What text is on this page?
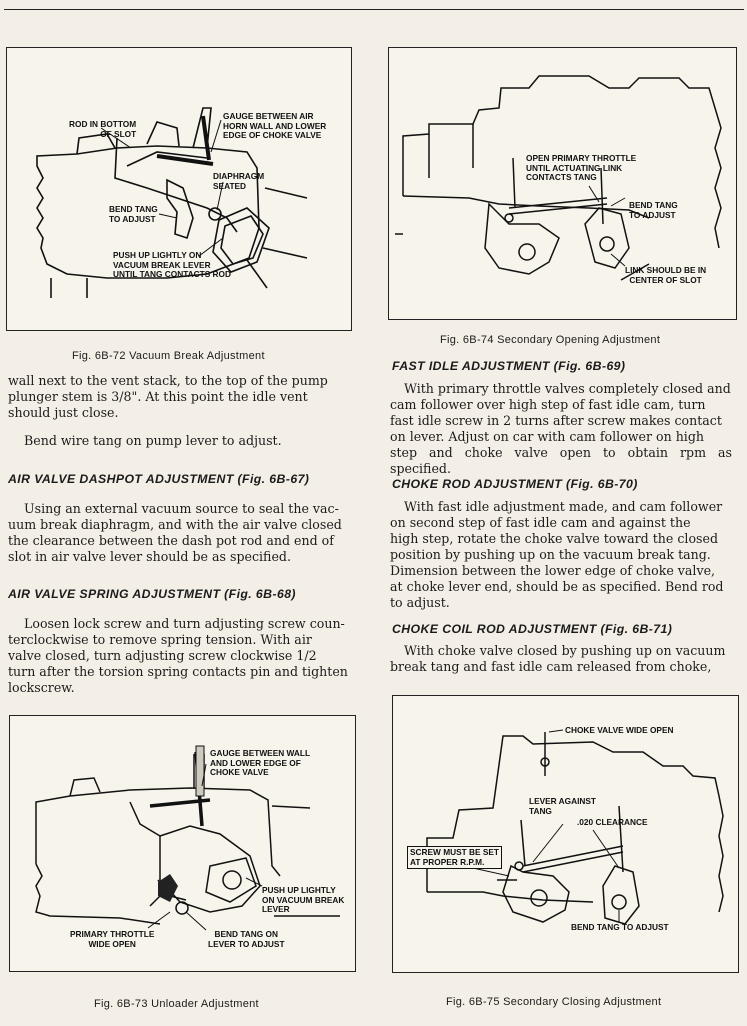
ROD IN BOTTOM
OF SLOT
GAUGE BETWEEN AIR
HORN WALL AND LOWER
EDGE OF CHOKE VALVE
DIAPHRAGM
SEATED
BEND TANG
TO ADJUST
PUSH UP LIGHTLY ON
VACUUM BREAK LEVER
UNTIL TANG CONTACTS ROD
Fig. 6B-72 Vacuum Break Adjustment
OPEN PRIMARY THROTTLE
UNTIL ACTUATING LINK
CONTACTS TANG
BEND TANG
TO ADJUST
LINK SHOULD BE IN
CENTER OF SLOT
Fig. 6B-74 Secondary Opening Adjustment
wall next to the vent stack, to the top of the pump
plunger stem is 3/8". At this point the idle vent
should just close.
Bend wire tang on pump lever to adjust.
AIR VALVE DASHPOT ADJUSTMENT (Fig. 6B-67)
Using an external vacuum source to seal the vac-
uum break diaphragm, and with the air valve closed
the clearance between the dash pot rod and end of
slot in air valve lever should be as specified.
AIR VALVE SPRING ADJUSTMENT (Fig. 6B-68)
Loosen lock screw and turn adjusting screw coun-
terclockwise to remove spring tension. With air
valve closed, turn adjusting screw clockwise 1/2
turn after the torsion spring contacts pin and tighten
lockscrew.
FAST IDLE ADJUSTMENT (Fig. 6B-69)
With primary throttle valves completely closed and
cam follower over high step of fast idle cam, turn
fast idle screw in 2 turns after screw makes contact
on lever. Adjust on car with cam follower on high
step and choke valve open to obtain rpm as specified.
CHOKE ROD ADJUSTMENT (Fig. 6B-70)
With fast idle adjustment made, and cam follower
on second step of fast idle cam and against the
high step, rotate the choke valve toward the closed
position by pushing up on the vacuum break tang.
Dimension between the lower edge of choke valve,
at choke lever end, should be as specified. Bend rod
to adjust.
CHOKE COIL ROD ADJUSTMENT (Fig. 6B-71)
With choke valve closed by pushing up on vacuum
break tang and fast idle cam released from choke,
GAUGE BETWEEN WALL
AND LOWER EDGE OF
CHOKE VALVE
PUSH UP LIGHTLY
ON VACUUM BREAK
LEVER
PRIMARY THROTTLE
WIDE OPEN
BEND TANG ON
LEVER TO ADJUST
Fig. 6B-73 Unloader Adjustment
CHOKE VALVE WIDE OPEN
LEVER AGAINST
TANG
.020 CLEARANCE
SCREW MUST BE SET
AT PROPER R.P.M.
BEND TANG TO ADJUST
Fig. 6B-75 Secondary Closing Adjustment
